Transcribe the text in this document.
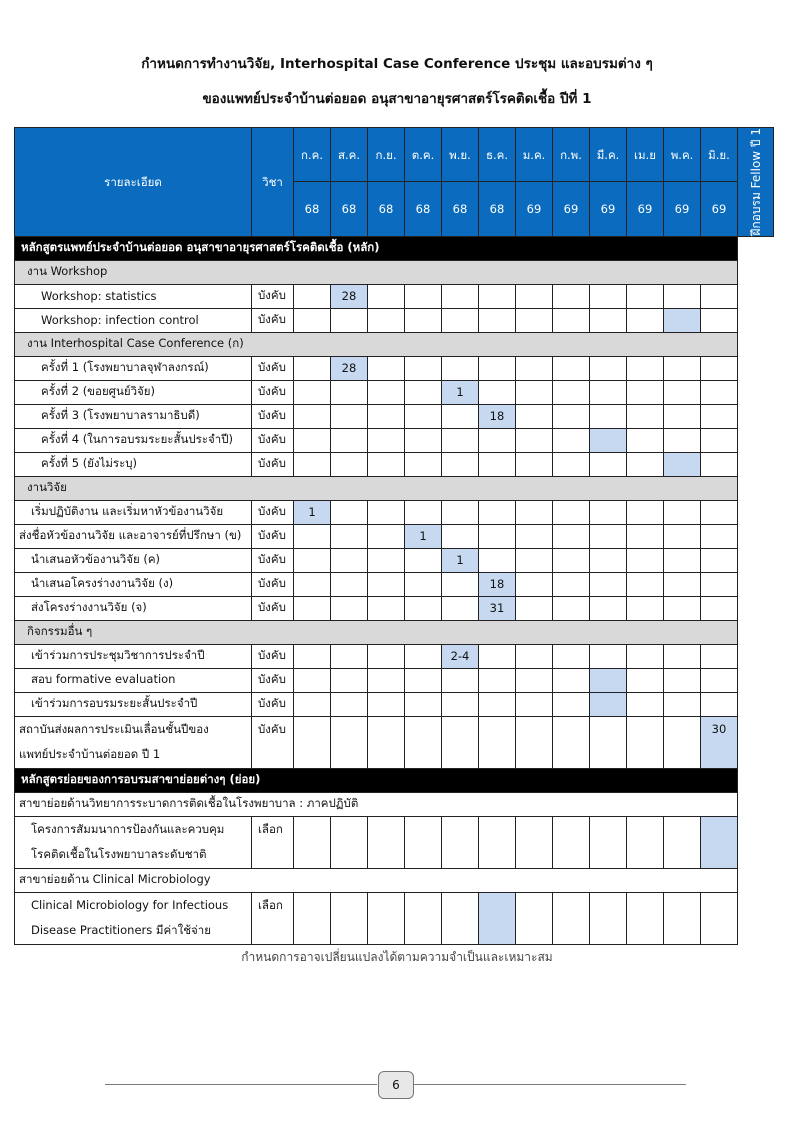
กำหนดการทำงานวิจัย, Interhospital Case Conference ประชุม และอบรมต่าง ๆ
ของแพทย์ประจำบ้านต่อยอด อนุสาขาอายุรศาสตร์โรคติดเชื้อ ปีที่ 1
รายละเอียด	วิชา	ก.ค.	ส.ค.	ก.ย.	ต.ค.	พ.ย.	ธ.ค.	ม.ค.	ก.พ.	มี.ค.	เม.ย	พ.ค.	มิ.ย.	ฝึกอบรม Fellow ปี 1

		68	68	68	68	68	68	69	69	69	69	69	69	
หลักสูตรแพทย์ประจำบ้านต่อยอด อนุสาขาอายุรศาสตร์โรคติดเชื้อ (หลัก)														
งาน Workshop														
Workshop: statistics	บังคับ		28											
Workshop: infection control	บังคับ													
งาน Interhospital Case Conference (ก)														
ครั้งที่ 1 (โรงพยาบาลจุฬาลงกรณ์)	บังคับ		28											
ครั้งที่ 2 (ขอยศูนย์วิจัย)	บังคับ					1								
ครั้งที่ 3 (โรงพยาบาลรามาธิบดี)	บังคับ						18							
ครั้งที่ 4 (ในการอบรมระยะสั้นประจำปี)	บังคับ													
ครั้งที่ 5 (ยังไม่ระบุ)	บังคับ													
งานวิจัย														
เริ่มปฏิบัติงาน และเริ่มหาหัวข้องานวิจัย	บังคับ	1												
ส่งชื่อหัวข้องานวิจัย และอาจารย์ที่ปรึกษา (ข)	บังคับ				1									
นำเสนอหัวข้องานวิจัย (ค)	บังคับ					1								
นำเสนอโครงร่างงานวิจัย (ง)	บังคับ						18							
ส่งโครงร่างงานวิจัย (จ)	บังคับ						31							
กิจกรรมอื่น ๆ														
เข้าร่วมการประชุมวิชาการประจำปี	บังคับ					2-4								
สอบ formative evaluation	บังคับ													
เข้าร่วมการอบรมระยะสั้นประจำปี	บังคับ													
สถาบันส่งผลการประเมินเลื่อนชั้นปีของ
แพทย์ประจำบ้านต่อยอด ปี 1	บังคับ												30	
หลักสูตรย่อยของการอบรมสาขาย่อยต่างๆ (ย่อย)														
สาขาย่อยด้านวิทยาการระบาดการติดเชื้อในโรงพยาบาล : ภาคปฏิบัติ														
โครงการสัมมนาการป้องกันและควบคุม
โรคติดเชื้อในโรงพยาบาลระดับชาติ	เลือก													
สาขาย่อยด้าน Clinical Microbiology														
Clinical Microbiology for Infectious
Disease Practitioners มีค่าใช้จ่าย	เลือก													
กำหนดการอาจเปลี่ยนแปลงได้ตามความจำเป็นและเหมาะสม
6
